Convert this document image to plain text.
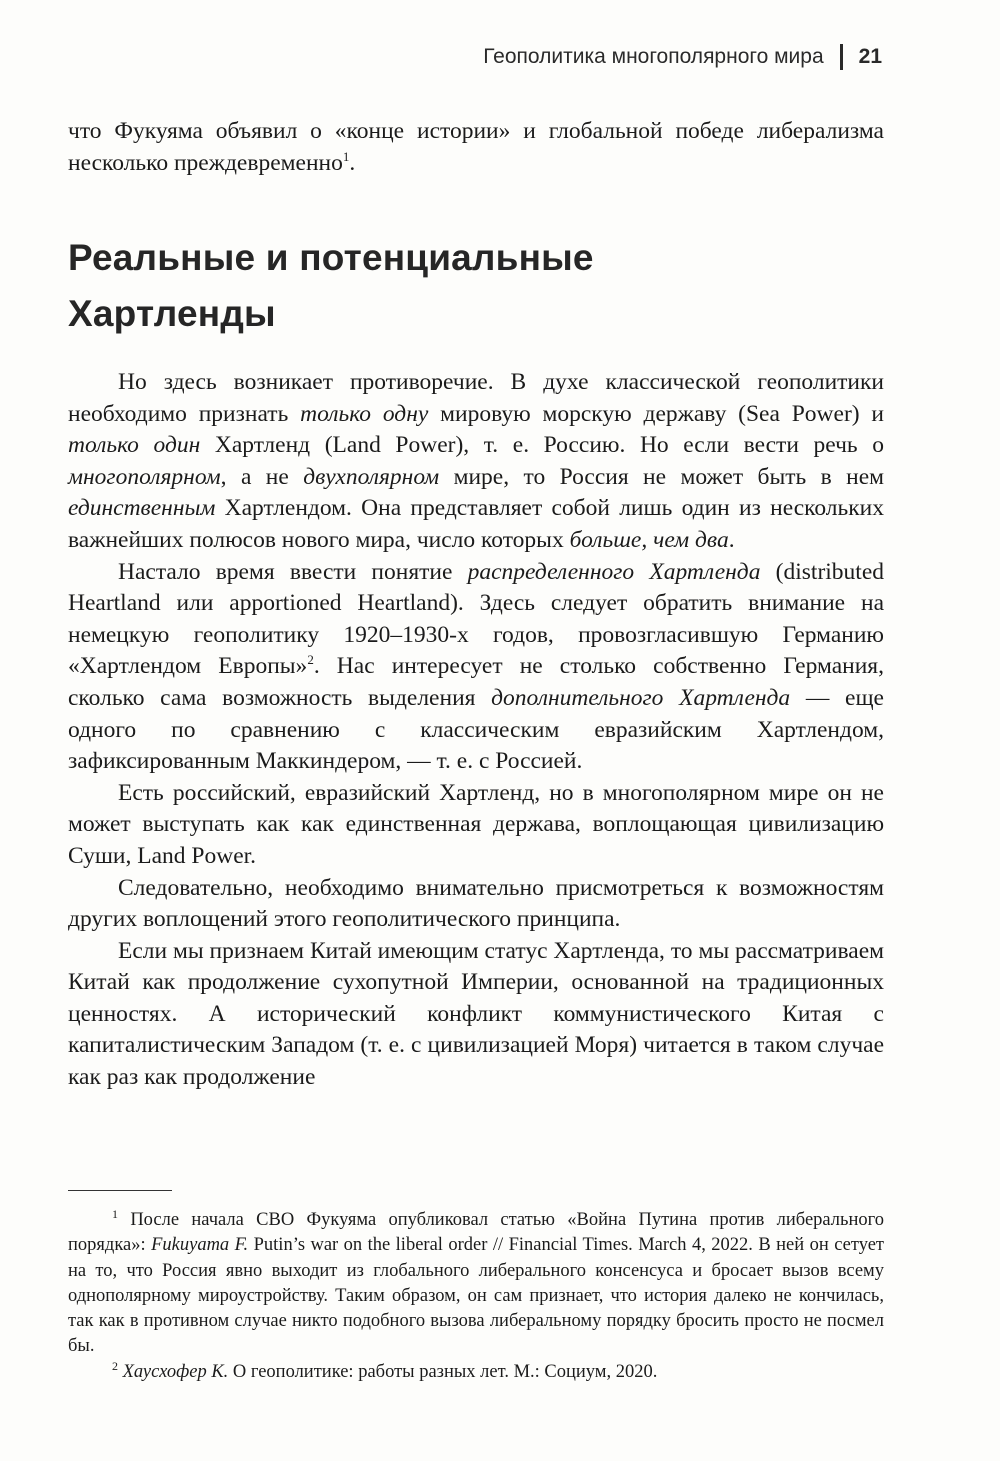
Геополитика многополярного мира 21

что Фукуяма объявил о «конце истории» и глобальной победе либерализма несколько преждевременно$^1$.

Реальные и потенциальные
Хартленды

Но здесь возникает противоречие. В духе классической геополитики необходимо признать только одну мировую морскую державу (Sea Power) и только один Хартленд (Land Power), т. е. Россию. Но если вести речь о многополярном, а не двухполярном мире, то Россия не может быть в нем единственным Хартлендом. Она представляет собой лишь один из нескольких важнейших полюсов нового мира, число которых больше, чем два.

Настало время ввести понятие распределенного Хартленда (distributed Heartland или apportioned Heartland). Здесь следует обратить внимание на немецкую геополитику 1920–1930-х годов, провозгласившую Германию «Хартлендом Европы»$^2$. Нас интересует не столько собственно Германия, сколько сама возможность выделения дополнительного Хартленда — еще одного по сравнению с классическим евразийским Хартлендом, зафиксированным Маккиндером, — т. е. с Россией.

Есть российский, евразийский Хартленд, но в многополярном мире он не может выступать как как единственная держава, воплощающая цивилизацию Суши, Land Power.

Следовательно, необходимо внимательно присмотреться к возможностям других воплощений этого геополитического принципа.

Если мы признаем Китай имеющим статус Хартленда, то мы рассматриваем Китай как продолжение сухопутной Империи, основанной на традиционных ценностях. А исторический конфликт коммунистического Китая с капиталистическим Западом (т. е. с цивилизацией Моря) читается в таком случае как раз как продолжение

$^1$ После начала СВО Фукуяма опубликовал статью «Война Путина против либерального порядка»: Fukuyama F. Putin’s war on the liberal order // Financial Times. March 4, 2022. В ней он сетует на то, что Россия явно выходит из глобального либерального консенсуса и бросает вызов всему однополярному мироустройству. Таким образом, он сам признает, что история далеко не кончилась, так как в противном случае никто подобного вызова либеральному порядку бросить просто не посмел бы.

$^2$ Хаусхофер К. О геополитике: работы разных лет. М.: Социум, 2020.
